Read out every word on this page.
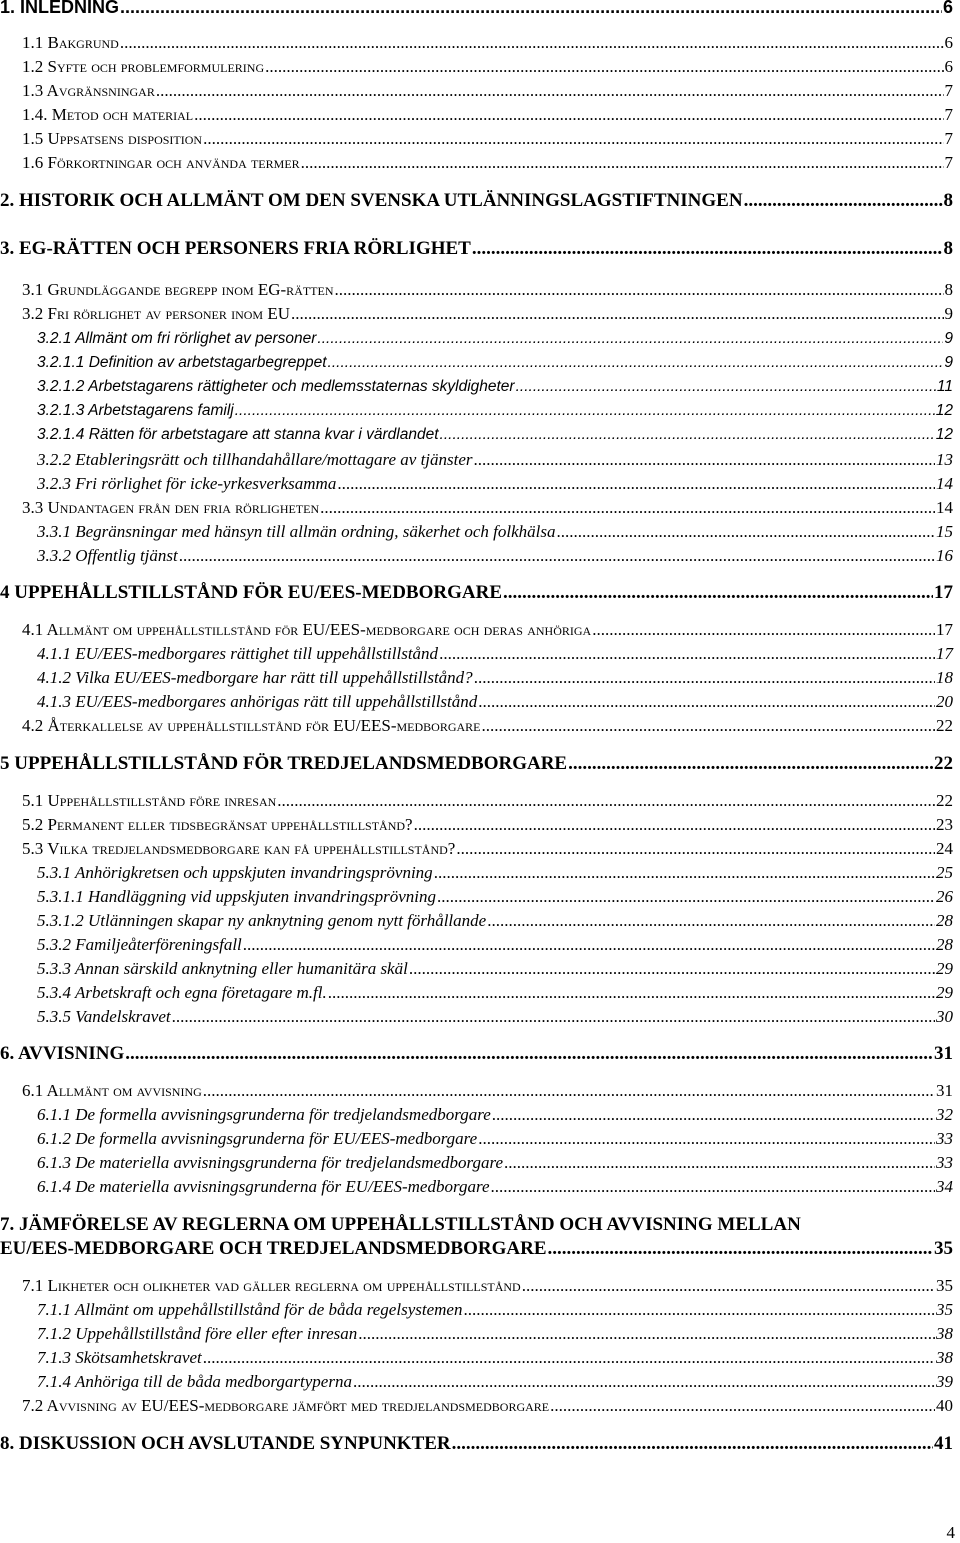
1. INLEDNING .....	6
1.1 Bakgrund .....	6
1.2 Syfte och problemformulering .....	6
1.3 Avgränsningar .....	7
1.4. Metod och material .....	7
1.5 Uppsatsens disposition .....	7
1.6 Förkortningar och använda termer .....	7
2. HISTORIK OCH ALLMÄNT OM DEN SVENSKA UTLÄNNINGSLAGSTIFTNINGEN .....	8
3. EG-RÄTTEN OCH PERSONERS FRIA RÖRLIGHET .....	8
3.1 Grundläggande begrepp inom EG-rätten .....	8
3.2 Fri rörlighet av personer inom EU .....	9
3.2.1 Allmänt om fri rörlighet av personer .....	9
3.2.1.1 Definition av arbetstagarbegreppet .....	9
3.2.1.2 Arbetstagarens rättigheter och medlemsstaternas skyldigheter .....	11
3.2.1.3 Arbetstagarens familj .....	12
3.2.1.4 Rätten för arbetstagare att stanna kvar i värdlandet .....	12
3.2.2 Etableringsrätt och tillhandahållare/mottagare av tjänster .....	13
3.2.3 Fri rörlighet för icke-yrkesverksamma .....	14
3.3 Undantagen från den fria rörligheten .....	14
3.3.1 Begränsningar med hänsyn till allmän ordning, säkerhet och folkhälsa .....	15
3.3.2 Offentlig tjänst .....	16
4 UPPEHÅLLSTILLSTÅND FÖR EU/EES-MEDBORGARE .....	17
4.1 Allmänt om uppehållstillstånd för EU/EES-medborgare och deras anhöriga .....	17
4.1.1 EU/EES-medborgares rättighet till uppehållstillstånd .....	17
4.1.2 Vilka EU/EES-medborgare har rätt till uppehållstillstånd? .....	18
4.1.3 EU/EES-medborgares anhörigas rätt till uppehållstillstånd .....	20
4.2 Återkallelse av uppehållstillstånd för EU/EES-medborgare .....	22
5 UPPEHÅLLSTILLSTÅND FÖR TREDJELANDSMEDBORGARE .....	22
5.1 Uppehållstillstånd före inresan .....	22
5.2 Permanent eller tidsbegränsat uppehållstillstånd? .....	23
5.3 Vilka tredjelandsmedborgare kan få uppehållstillstånd? .....	24
5.3.1 Anhörigkretsen och uppskjuten invandringsprövning .....	25
5.3.1.1 Handläggning vid uppskjuten invandringsprövning .....	26
5.3.1.2 Utlänningen skapar ny anknytning genom nytt förhållande .....	28
5.3.2 Familjeåterföreningsfall .....	28
5.3.3 Annan särskild anknytning eller humanitära skäl .....	29
5.3.4 Arbetskraft och egna företagare m.fl. .....	29
5.3.5 Vandelskravet .....	30
6. AVVISNING .....	31
6.1 Allmänt om avvisning .....	31
6.1.1 De formella avvisningsgrunderna för tredjelandsmedborgare .....	32
6.1.2 De formella avvisningsgrunderna för EU/EES-medborgare .....	33
6.1.3 De materiella avvisningsgrunderna för tredjelandsmedborgare .....	33
6.1.4 De materiella avvisningsgrunderna för EU/EES-medborgare .....	34
7. JÄMFÖRELSE AV REGLERNA OM UPPEHÅLLSTILLSTÅND OCH AVVISNING MELLAN
EU/EES-MEDBORGARE OCH TREDJELANDSMEDBORGARE .....	35
7.1 Likheter och olikheter vad gäller reglerna om uppehållstillstånd .....	35
7.1.1 Allmänt om uppehållstillstånd för de båda regelsystemen .....	35
7.1.2 Uppehållstillstånd före eller efter inresan .....	38
7.1.3 Skötsamhetskravet .....	38
7.1.4 Anhöriga till de båda medborgartyperna .....	39
7.2 Avvisning av EU/EES-medborgare jämfört med tredjelandsmedborgare .....	40
8. DISKUSSION OCH AVSLUTANDE SYNPUNKTER .....	41
4
